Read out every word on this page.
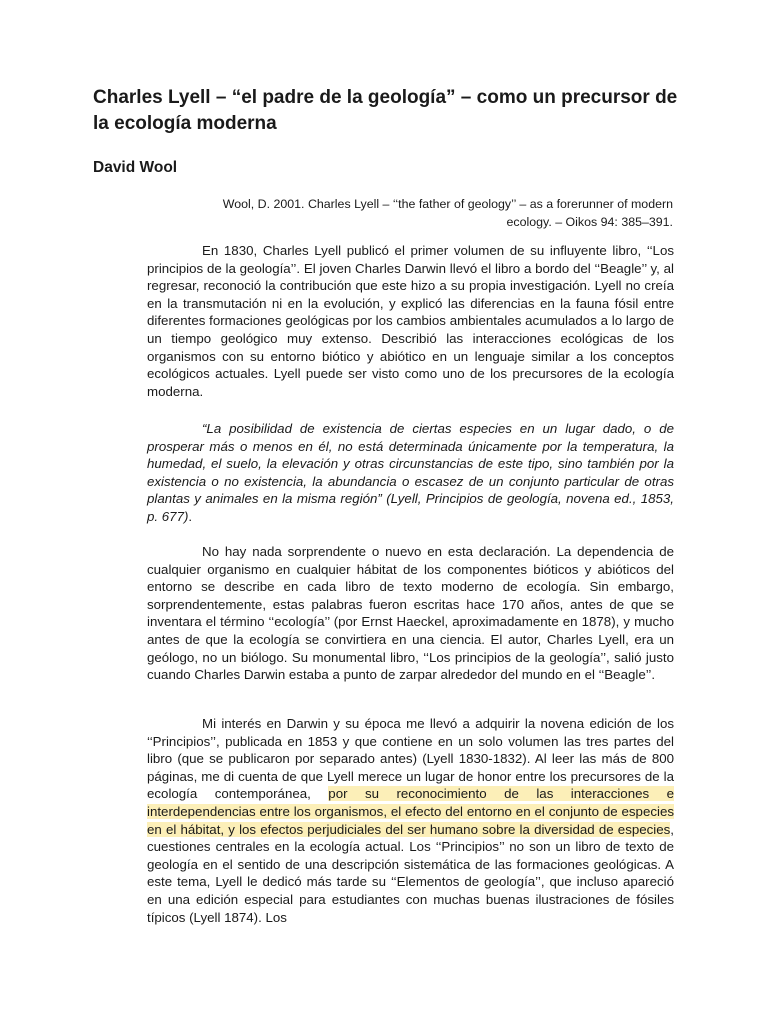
Charles Lyell – “el padre de la geología” – como un precursor de la ecología moderna

David Wool

Wool, D. 2001. Charles Lyell – ‘‘the father of geology’’ – as a forerunner of modern ecology. – Oikos 94: 385–391.

En 1830, Charles Lyell publicó el primer volumen de su influyente libro, ‘‘Los principios de la geología’’. El joven Charles Darwin llevó el libro a bordo del ‘‘Beagle’’ y, al regresar, reconoció la contribución que este hizo a su propia investigación. Lyell no creía en la transmutación ni en la evolución, y explicó las diferencias en la fauna fósil entre diferentes formaciones geológicas por los cambios ambientales acumulados a lo largo de un tiempo geológico muy extenso. Describió las interacciones ecológicas de los organismos con su entorno biótico y abiótico en un lenguaje similar a los conceptos ecológicos actuales. Lyell puede ser visto como uno de los precursores de la ecología moderna.

“La posibilidad de existencia de ciertas especies en un lugar dado, o de prosperar más o menos en él, no está determinada únicamente por la temperatura, la humedad, el suelo, la elevación y otras circunstancias de este tipo, sino también por la existencia o no existencia, la abundancia o escasez de un conjunto particular de otras plantas y animales en la misma región” (Lyell, Principios de geología, novena ed., 1853, p. 677).

No hay nada sorprendente o nuevo en esta declaración. La dependencia de cualquier organismo en cualquier hábitat de los componentes bióticos y abióticos del entorno se describe en cada libro de texto moderno de ecología. Sin embargo, sorprendentemente, estas palabras fueron escritas hace 170 años, antes de que se inventara el término ‘‘ecología’’ (por Ernst Haeckel, aproximadamente en 1878), y mucho antes de que la ecología se convirtiera en una ciencia. El autor, Charles Lyell, era un geólogo, no un biólogo. Su monumental libro, ‘‘Los principios de la geología’’, salió justo cuando Charles Darwin estaba a punto de zarpar alrededor del mundo en el ‘‘Beagle’’.

Mi interés en Darwin y su época me llevó a adquirir la novena edición de los ‘‘Principios’’, publicada en 1853 y que contiene en un solo volumen las tres partes del libro (que se publicaron por separado antes) (Lyell 1830-1832). Al leer las más de 800 páginas, me di cuenta de que Lyell merece un lugar de honor entre los precursores de la ecología contemporánea, por su reconocimiento de las interacciones e interdependencias entre los organismos, el efecto del entorno en el conjunto de especies en el hábitat, y los efectos perjudiciales del ser humano sobre la diversidad de especies, cuestiones centrales en la ecología actual. Los ‘‘Principios’’ no son un libro de texto de geología en el sentido de una descripción sistemática de las formaciones geológicas. A este tema, Lyell le dedicó más tarde su ‘‘Elementos de geología’’, que incluso apareció en una edición especial para estudiantes con muchas buenas ilustraciones de fósiles típicos (Lyell 1874). Los
